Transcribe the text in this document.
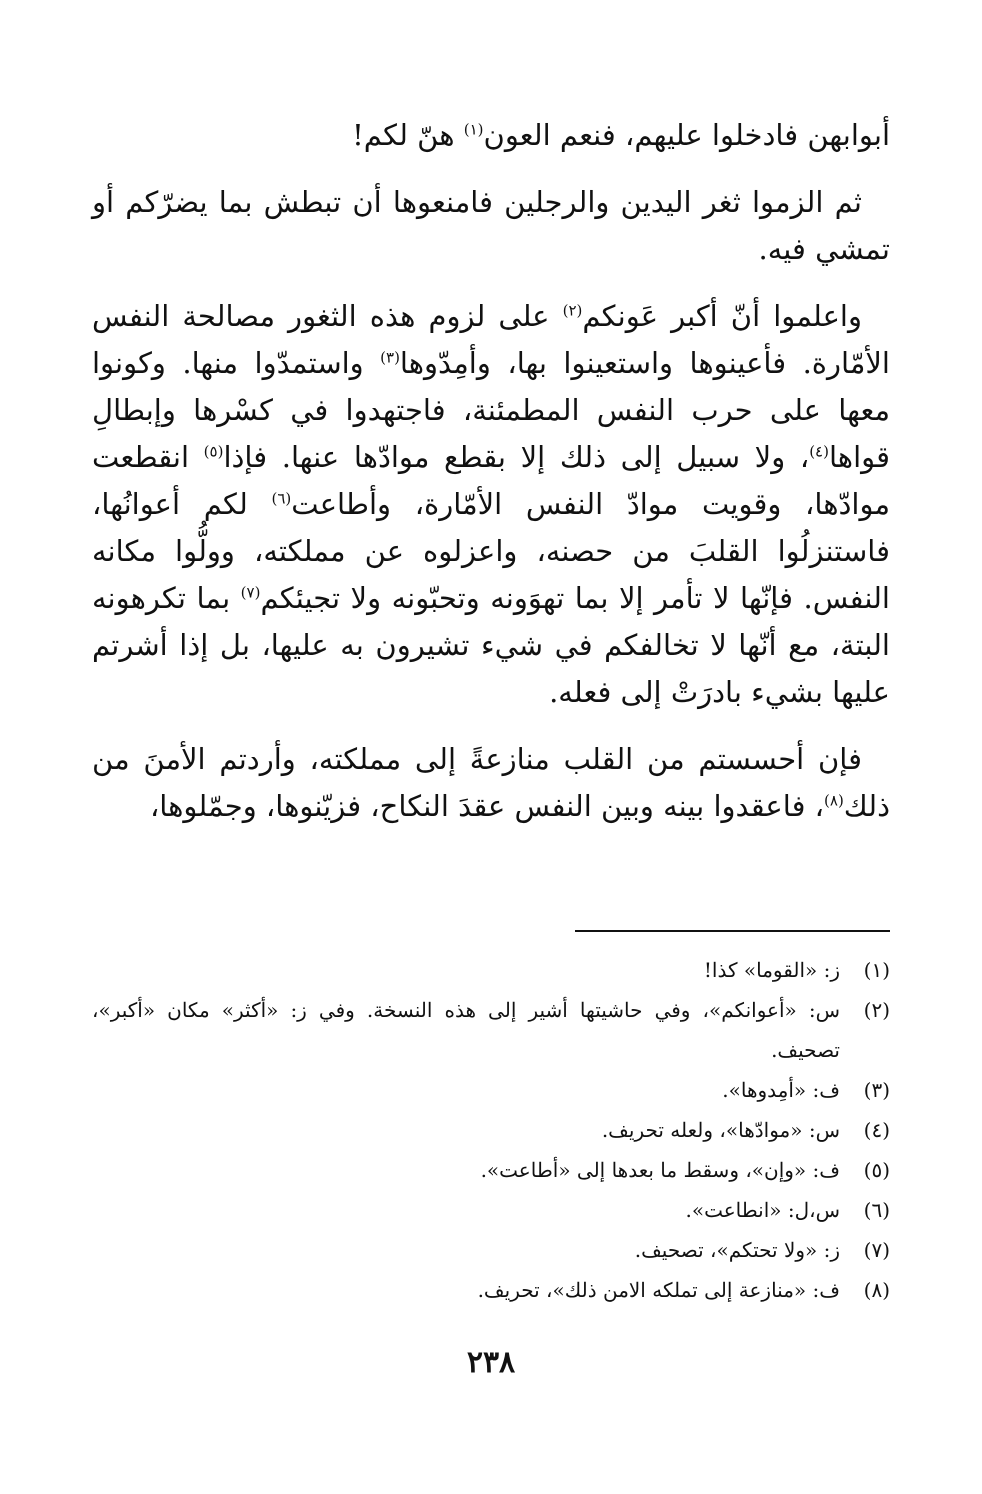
أبوابهن فادخلوا عليهم، فنعم العون$^{(١)}$ هنّ لكم!

ثم الزموا ثغر اليدين والرجلين فامنعوها أن تبطش بما يضرّكم أو تمشي فيه.

واعلموا أنّ أكبر عَونكم$^{(٢)}$ على لزوم هذه الثغور مصالحة النفس الأمّارة. فأعينوها واستعينوا بها، وأمِدّوها$^{(٣)}$ واستمدّوا منها. وكونوا معها على حرب النفس المطمئنة، فاجتهدوا في كسْرها وإبطالِ قواها$^{(٤)}$، ولا سبيل إلى ذلك إلا بقطع موادّها عنها. فإذا$^{(٥)}$ انقطعت موادّها، وقويت موادّ النفس الأمّارة، وأطاعت$^{(٦)}$ لكم أعوانُها، فاستنزلُوا القلبَ من حصنه، واعزلوه عن مملكته، وولُّوا مكانه النفس. فإنّها لا تأمر إلا بما تهوَونه وتحبّونه ولا تجيئكم$^{(٧)}$ بما تكرهونه البتة، مع أنّها لا تخالفكم في شيء تشيرون به عليها، بل إذا أشرتم عليها بشيء بادرَتْ إلى فعله.

فإن أحسستم من القلب منازعةً إلى مملكته، وأردتم الأمنَ من ذلك$^{(٨)}$، فاعقدوا بينه وبين النفس عقدَ النكاح، فزيّنوها، وجمّلوها،

(١)
ز: «القوما» كذا!
(٢)
س: «أعوانكم»، وفي حاشيتها أشير إلى هذه النسخة. وفي ز: «أكثر» مكان «أكبر»، تصحيف.
(٣)
ف: «أمِدوها».
(٤)
س: «موادّها»، ولعله تحريف.
(٥)
ف: «وإن»، وسقط ما بعدها إلى «أطاعت».
(٦)
س،ل: «انطاعت».
(٧)
ز: «ولا تحتكم»، تصحيف.
(٨)
ف: «منازعة إلى تملكه الامن ذلك»، تحريف.
٢٣٨
